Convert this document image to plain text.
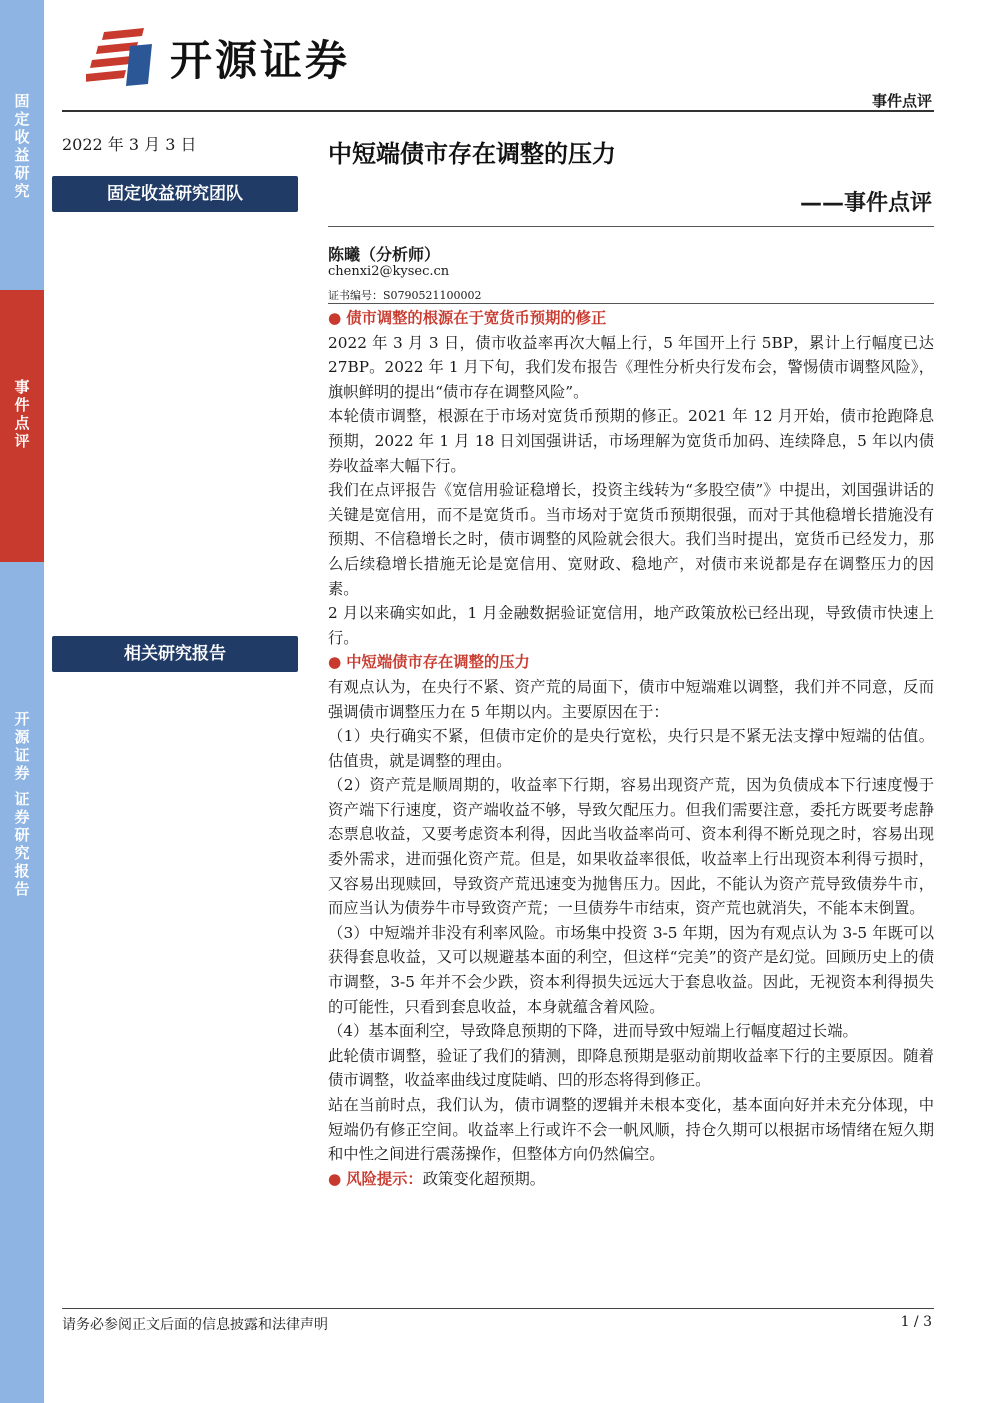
固
定
收
益
研
究
事
件
点
评
开
源
证
券
证
券
研
究
报
告
开源证券
事件点评
2022 年 3 月 3 日	中短端债市存在调整的压力
——事件点评
固定收益研究团队
相关研究报告
陈曦（分析师）
chenxi2@kysec.cn
证书编号：S0790521100002

● 债市调整的根源在于宽货币预期的修正

2022 年 3 月 3 日，债市收益率再次大幅上行，5 年国开上行 5BP，累计上行幅度已达 27BP。2022 年 1 月下旬，我们发布报告《理性分析央行发布会，警惕债市调整风险》，旗帜鲜明的提出“债市存在调整风险”。

本轮债市调整，根源在于市场对宽货币预期的修正。2021 年 12 月开始，债市抢跑降息预期，2022 年 1 月 18 日刘国强讲话，市场理解为宽货币加码、连续降息，5 年以内债券收益率大幅下行。

我们在点评报告《宽信用验证稳增长，投资主线转为“多股空债”》中提出，刘国强讲话的关键是宽信用，而不是宽货币。当市场对于宽货币预期很强，而对于其他稳增长措施没有预期、不信稳增长之时，债市调整的风险就会很大。我们当时提出，宽货币已经发力，那么后续稳增长措施无论是宽信用、宽财政、稳地产，对债市来说都是存在调整压力的因素。

2 月以来确实如此，1 月金融数据验证宽信用，地产政策放松已经出现，导致债市快速上行。

● 中短端债市存在调整的压力

有观点认为，在央行不紧、资产荒的局面下，债市中短端难以调整，我们并不同意，反而强调债市调整压力在 5 年期以内。主要原因在于：

（1）央行确实不紧，但债市定价的是央行宽松，央行只是不紧无法支撑中短端的估值。估值贵，就是调整的理由。

（2）资产荒是顺周期的，收益率下行期，容易出现资产荒，因为负债成本下行速度慢于资产端下行速度，资产端收益不够，导致欠配压力。但我们需要注意，委托方既要考虑静态票息收益，又要考虑资本利得，因此当收益率尚可、资本利得不断兑现之时，容易出现委外需求，进而强化资产荒。但是，如果收益率很低，收益率上行出现资本利得亏损时，又容易出现赎回，导致资产荒迅速变为抛售压力。因此，不能认为资产荒导致债券牛市，而应当认为债券牛市导致资产荒；一旦债券牛市结束，资产荒也就消失，不能本末倒置。

（3）中短端并非没有利率风险。市场集中投资 3-5 年期，因为有观点认为 3-5 年既可以获得套息收益，又可以规避基本面的利空，但这样“完美”的资产是幻觉。回顾历史上的债市调整，3-5 年并不会少跌，资本利得损失远远大于套息收益。因此，无视资本利得损失的可能性，只看到套息收益，本身就蕴含着风险。

（4）基本面利空，导致降息预期的下降，进而导致中短端上行幅度超过长端。

此轮债市调整，验证了我们的猜测，即降息预期是驱动前期收益率下行的主要原因。随着债市调整，收益率曲线过度陡峭、凹的形态将得到修正。

站在当前时点，我们认为，债市调整的逻辑并未根本变化，基本面向好并未充分体现，中短端仍有修正空间。收益率上行或许不会一帆风顺，持仓久期可以根据市场情绪在短久期和中性之间进行震荡操作，但整体方向仍然偏空。

● 风险提示：政策变化超预期。

请务必参阅正文后面的信息披露和法律声明	1 / 3
